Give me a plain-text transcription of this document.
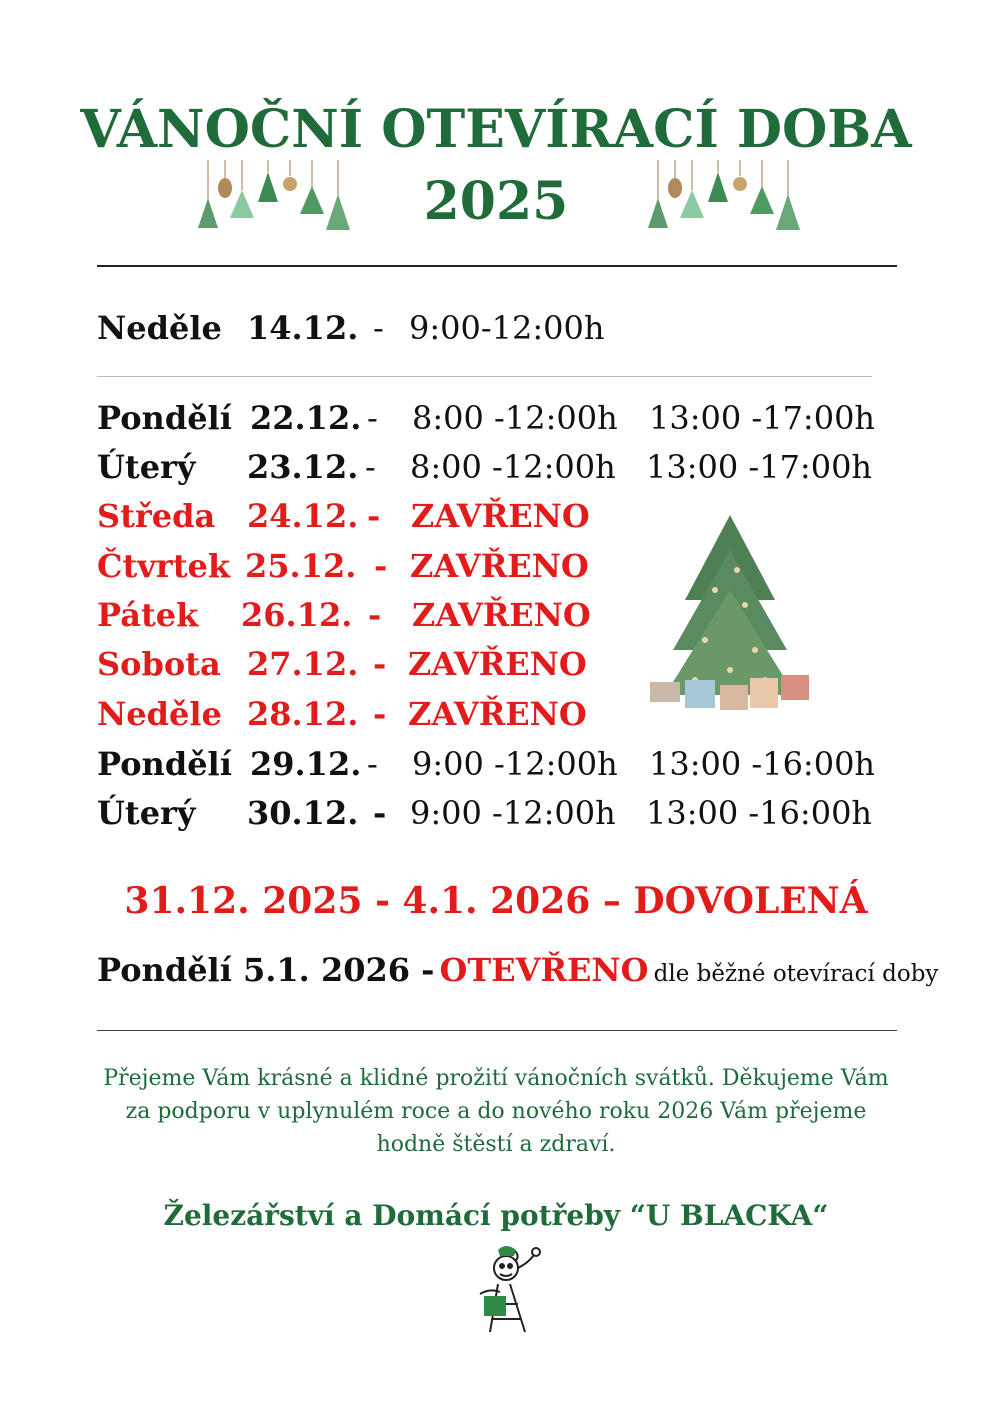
VÁNOČNÍ OTEVÍRACÍ DOBA
2025
Neděle 14.12. - 9:00-12:00h
Pondělí 22.12. - 8:00 -12:00h 13:00 -17:00h
Úterý 23.12. - 8:00 -12:00h 13:00 -17:00h
Středa 24.12. - ZAVŘENO
Čtvrtek 25.12. - ZAVŘENO
Pátek 26.12. - ZAVŘENO
Sobota 27.12. - ZAVŘENO
Neděle 28.12. - ZAVŘENO
Pondělí 29.12. - 9:00 -12:00h 13:00 -16:00h
Úterý 30.12. - 9:00 -12:00h 13:00 -16:00h
31.12. 2025 - 4.1. 2026 – DOVOLENÁ
Pondělí 5.1. 2026 - OTEVŘENO dle běžné otevírací doby
Přejeme Vám krásné a klidné prožití vánočních svátků. Děkujeme Vám
za podporu v uplynulém roce a do nového roku 2026 Vám přejeme
hodně štěstí a zdraví.
Železářství a Domácí potřeby “U BLACKA“
